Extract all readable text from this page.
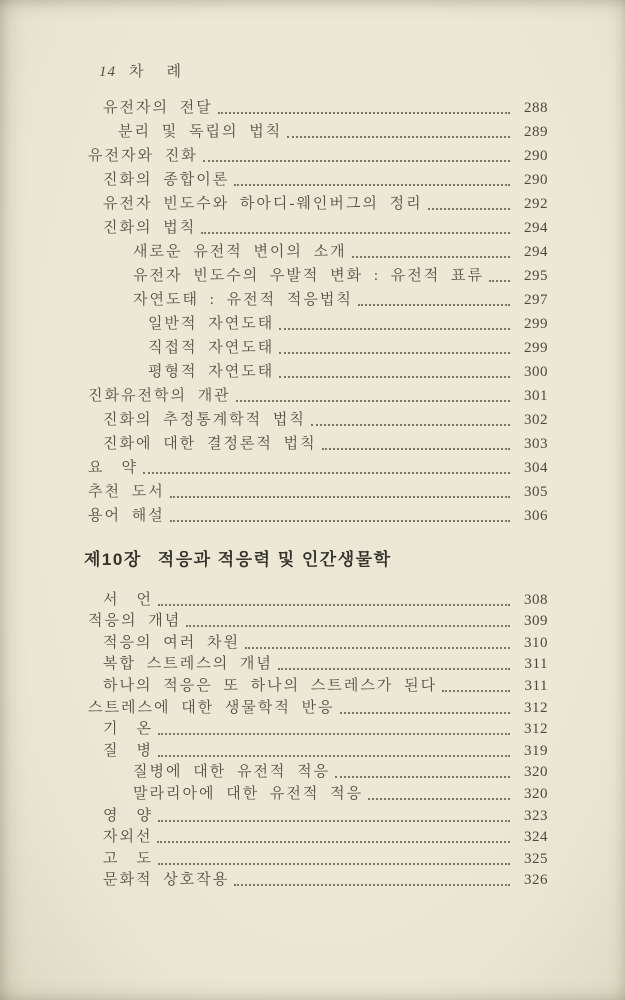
14 차　례
유전자의 전달	288
분리 및 독립의 법칙	289
유전자와 진화	290
진화의 종합이론	290
유전자 빈도수와 하아디-웨인버그의 정리	292
진화의 법칙	294
새로운 유전적 변이의 소개	294
유전자 빈도수의 우발적 변화 : 유전적 표류	295
자연도태 : 유전적 적응법칙	297
일반적 자연도태	299
직접적 자연도태	299
평형적 자연도태	300
진화유전학의 개관	301
진화의 추정통계학적 법칙	302
진화에 대한 결정론적 법칙	303
요　약	304
추천 도서	305
용어 해설	306
제10장 적응과 적응력 및 인간생물학
서　언	308
적응의 개념	309
적응의 여러 차원	310
복합 스트레스의 개념	311
하나의 적응은 또 하나의 스트레스가 된다	311
스트레스에 대한 생물학적 반응	312
기　온	312
질　병	319
질병에 대한 유전적 적응	320
말라리아에 대한 유전적 적응	320
영　양	323
자외선	324
고　도	325
문화적 상호작용	326
